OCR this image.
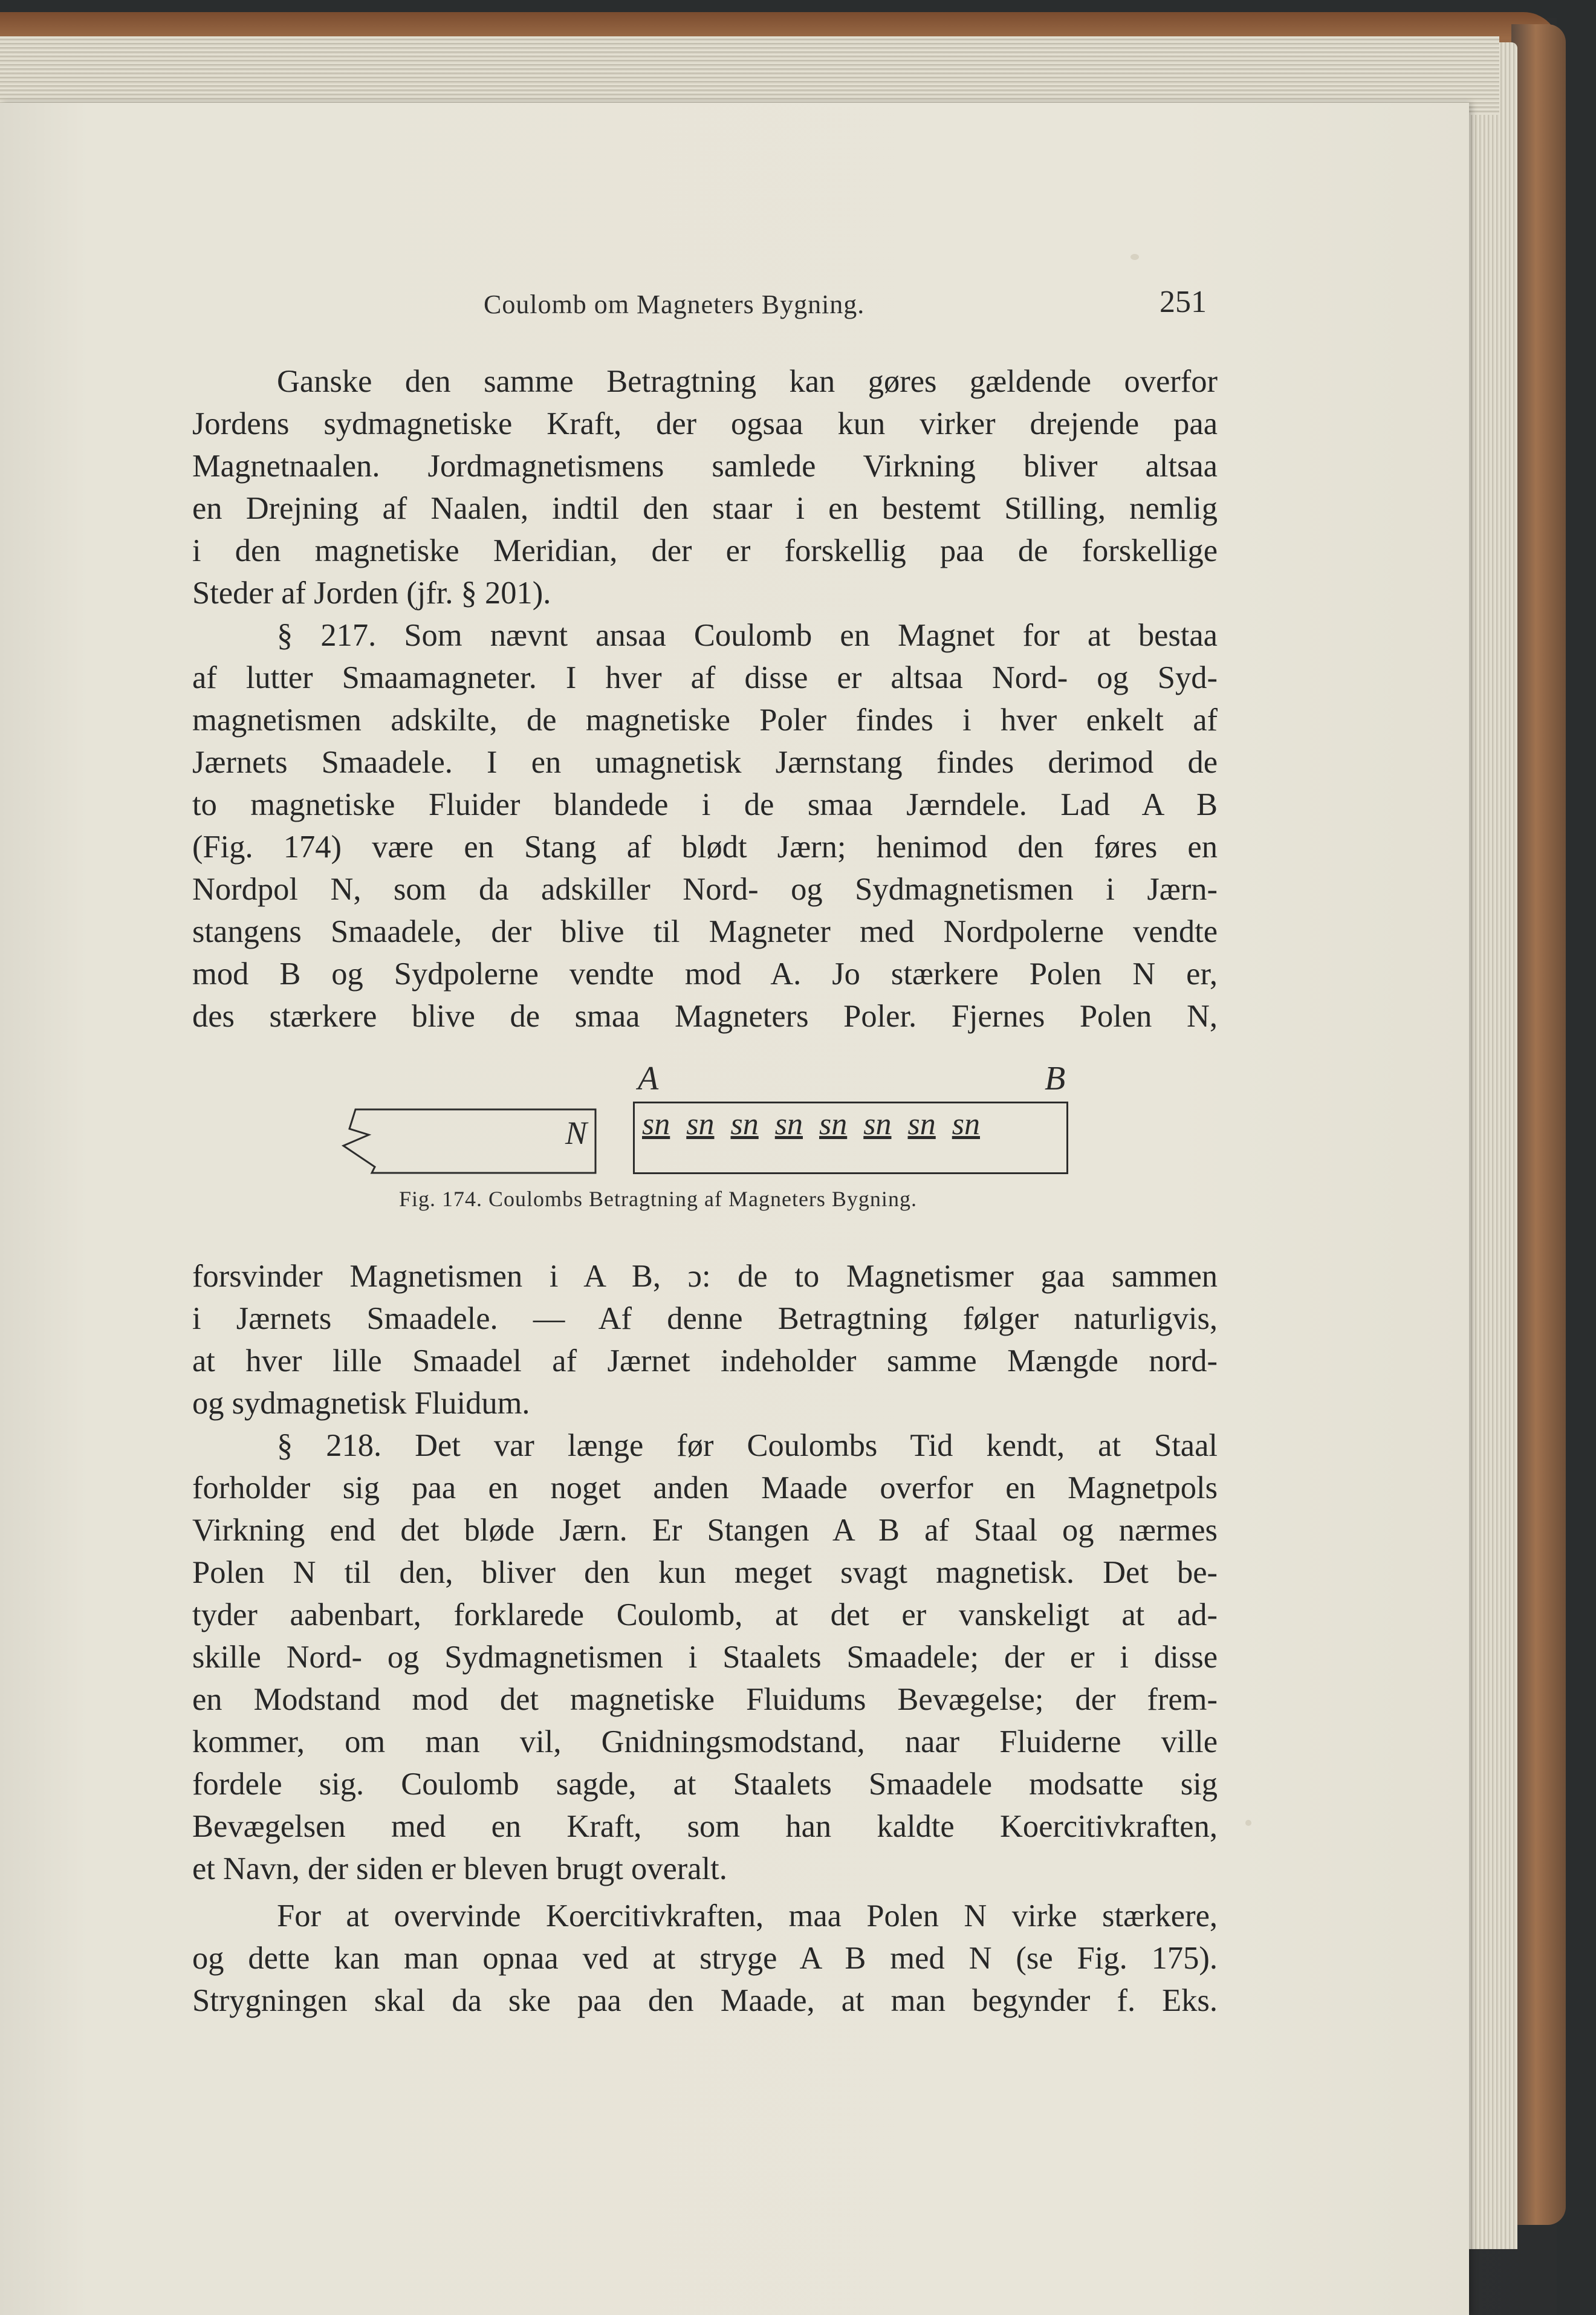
Coulomb om Magneters Bygning.	251
Ganske den samme Betragtning kan gøres gældende overfor
Jordens sydmagnetiske Kraft, der ogsaa kun virker drejende paa
Magnetnaalen. Jordmagnetismens samlede Virkning bliver altsaa
en Drejning af Naalen, indtil den staar i en bestemt Stilling, nemlig
i den magnetiske Meridian, der er forskellig paa de forskellige
Steder af Jorden (jfr. § 201).
§ 217. Som nævnt ansaa Coulomb en Magnet for at bestaa
af lutter Smaamagneter. I hver af disse er altsaa Nord- og Syd-
magnetismen adskilte, de magnetiske Poler findes i hver enkelt af
Jærnets Smaadele. I en umagnetisk Jærnstang findes derimod de
to magnetiske Fluider blandede i de smaa Jærndele. Lad A B
(Fig. 174) være en Stang af blødt Jærn; henimod den føres en
Nordpol N, som da adskiller Nord- og Sydmagnetismen i Jærn-
stangens Smaadele, der blive til Magneter med Nordpolerne vendte
mod B og Sydpolerne vendte mod A. Jo stærkere Polen N er,
des stærkere blive de smaa Magneters Poler. Fjernes Polen N,
A	B
N sn sn sn sn sn sn sn sn
Fig. 174. Coulombs Betragtning af Magneters Bygning.
forsvinder Magnetismen i A B, ɔ: de to Magnetismer gaa sammen
i Jærnets Smaadele. — Af denne Betragtning følger naturligvis,
at hver lille Smaadel af Jærnet indeholder samme Mængde nord-
og sydmagnetisk Fluidum.
§ 218. Det var længe før Coulombs Tid kendt, at Staal
forholder sig paa en noget anden Maade overfor en Magnetpols
Virkning end det bløde Jærn. Er Stangen A B af Staal og nærmes
Polen N til den, bliver den kun meget svagt magnetisk. Det be-
tyder aabenbart, forklarede Coulomb, at det er vanskeligt at ad-
skille Nord- og Sydmagnetismen i Staalets Smaadele; der er i disse
en Modstand mod det magnetiske Fluidums Bevægelse; der frem-
kommer, om man vil, Gnidningsmodstand, naar Fluiderne ville
fordele sig. Coulomb sagde, at Staalets Smaadele modsatte sig
Bevægelsen med en Kraft, som han kaldte Koercitivkraften,
et Navn, der siden er bleven brugt overalt.
For at overvinde Koercitivkraften, maa Polen N virke stærkere,
og dette kan man opnaa ved at stryge A B med N (se Fig. 175).
Strygningen skal da ske paa den Maade, at man begynder f. Eks.
